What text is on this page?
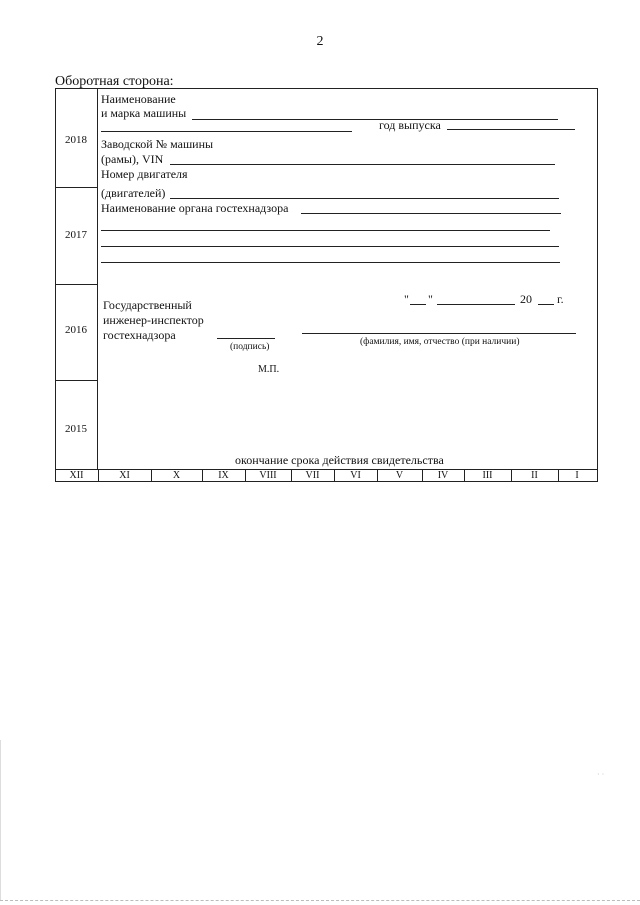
2
Оборотная сторона:
2018
2017
2016
2015
Наименование
и марка машины
год выпуска
Заводской № машины
(рамы), VIN
Номер двигателя
(двигателей)
Наименование органа гостехнадзора
" "	20 г.
Государственный
инженер-инспектор
гостехнадзора
(подпись)	(фамилия, имя, отчество (при наличии)
М.П.
окончание срока действия свидетельства
XII	XI	X	IX	VIII	VII	VI	V	IV	III	II	I
· ·
